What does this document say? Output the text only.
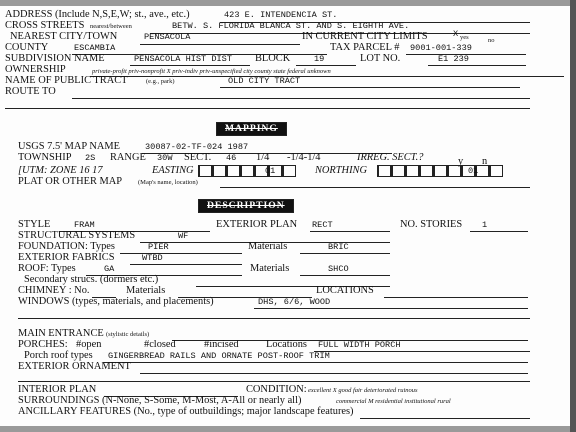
ADDRESS (Include N,S,E,W; st., ave., etc.)	423 E. INTENDENCIA ST.
CROSS STREETS nearest/between	BETW. S. FLORIDA BLANCA ST. AND S. EIGHTH AVE.
NEAREST CITY/TOWN	PENSACOLA	IN CURRENT CITY LIMITS	X yes	no
COUNTY	ESCAMBIA	TAX PARCEL # 9001-001-339
SUBDIVISION NAME	PENSACOLA HIST DIST BLOCK	19	LOT NO.	E1 239
OWNERSHIP	private-profit priv-nonprofit X priv-indiv priv-unspecified city county state federal unknown
NAME OF PUBLIC TRACT	(e.g., park)	OLD CITY TRACT
ROUTE TO
MAPPING
USGS 7.5' MAP NAME	30087-02-TF-024 1987
TOWNSHIP 2S RANGE 30W SECT. 46 1/4 -1/4-1/4	IRREG. SECT.?	y n
[UTM: ZONE 16 17	EASTING	01	NORTHING	01
PLAT OR OTHER MAP (Map's name, location)
DESCRIPTION
STYLE	FRAM	EXTERIOR PLAN RECT	NO. STORIES 1
STRUCTURAL SYSTEMS	WF
FOUNDATION: Types	PIER	Materials	BRIC
EXTERIOR FABRICS	WTBD
ROOF: Types	GA	Materials	SHCO
Secondary strucs. (dormers etc.)
CHIMNEY : No.	Materials	LOCATIONS
WINDOWS (types, materials, and placements)	DHS, 6/6, WOOD
MAIN ENTRANCE (stylistic details)
PORCHES: #open	#closed	#incised	Locations FULL WIDTH PORCH
Porch roof types GINGERBREAD RAILS AND ORNATE POST-ROOF TRIM
EXTERIOR ORNAMENT
INTERIOR PLAN	CONDITION: excellent X good fair deteriorated ruinous
SURROUNDINGS (N-None, S-Some, M-Most, A-All or nearly all)	commercial M residential institutional rural
ANCILLARY FEATURES (No., type of outbuildings; major landscape features)
